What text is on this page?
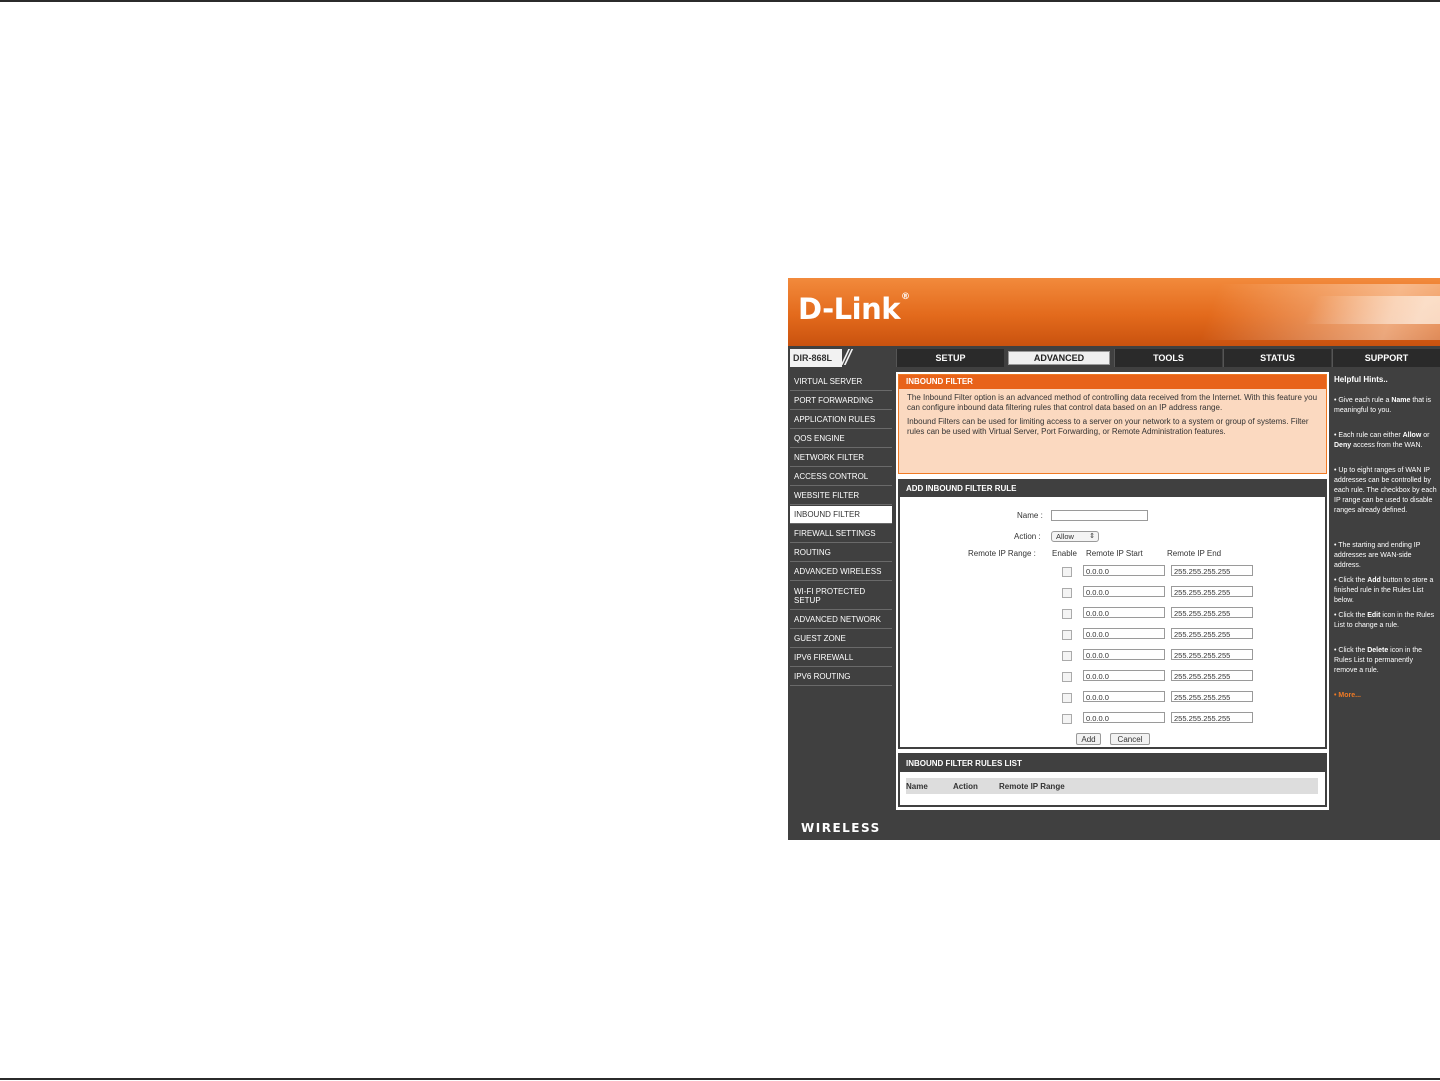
D-Link®
DIR-868L //	SETUP	ADVANCED	TOOLS	STATUS	SUPPORT
VIRTUAL SERVER
PORT FORWARDING
APPLICATION RULES
QOS ENGINE
NETWORK FILTER
ACCESS CONTROL
WEBSITE FILTER
INBOUND FILTER
FIREWALL SETTINGS
ROUTING
ADVANCED WIRELESS
WI-FI PROTECTED SETUP
ADVANCED NETWORK
GUEST ZONE
IPV6 FIREWALL
IPV6 ROUTING
INBOUND FILTER

The Inbound Filter option is an advanced method of controlling data received from the Internet. With this feature you can configure inbound data filtering rules that control data based on an IP address range.

Inbound Filters can be used for limiting access to a server on your network to a system or group of systems. Filter rules can be used with Virtual Server, Port Forwarding, or Remote Administration features.

ADD INBOUND FILTER RULE
Name :
Action :	Allow ⇕
Remote IP Range : Enable Remote IP Start	Remote IP End
0.0.0.0	255.255.255.255
0.0.0.0	255.255.255.255
0.0.0.0	255.255.255.255
0.0.0.0	255.255.255.255
0.0.0.0	255.255.255.255
0.0.0.0	255.255.255.255
0.0.0.0	255.255.255.255
0.0.0.0	255.255.255.255
Add	Cancel
INBOUND FILTER RULES LIST
Name	Action	Remote IP Range
Helpful Hints..
• Give each rule a Name that is meaningful to you.
• Each rule can either Allow or Deny access from the WAN.
• Up to eight ranges of WAN IP addresses can be controlled by each rule. The checkbox by each IP range can be used to disable ranges already defined.
• The starting and ending IP addresses are WAN-side address.
• Click the Add button to store a finished rule in the Rules List below.
• Click the Edit icon in the Rules List to change a rule.
• Click the Delete icon in the Rules List to permanently remove a rule.
• More...
WIRELESS
